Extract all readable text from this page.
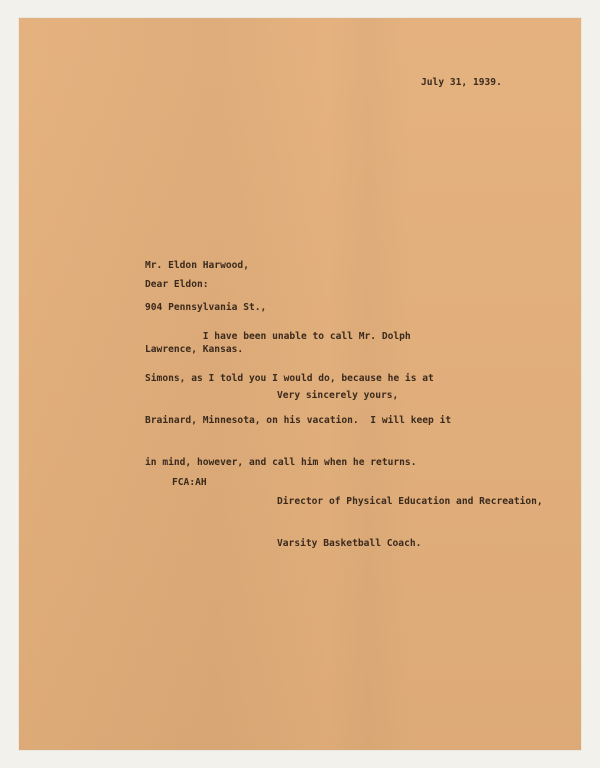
July 31, 1939.

Mr. Eldon Harwood,

904 Pennsylvania St.,

Lawrence, Kansas.

Dear Eldon:

I have been unable to call Mr. Dolph

Simons, as I told you I would do, because he is at

Brainard, Minnesota, on his vacation.  I will keep it

in mind, however, and call him when he returns.

Very sincerely yours,

Director of Physical Education and Recreation,

Varsity Basketball Coach.

FCA:AH
